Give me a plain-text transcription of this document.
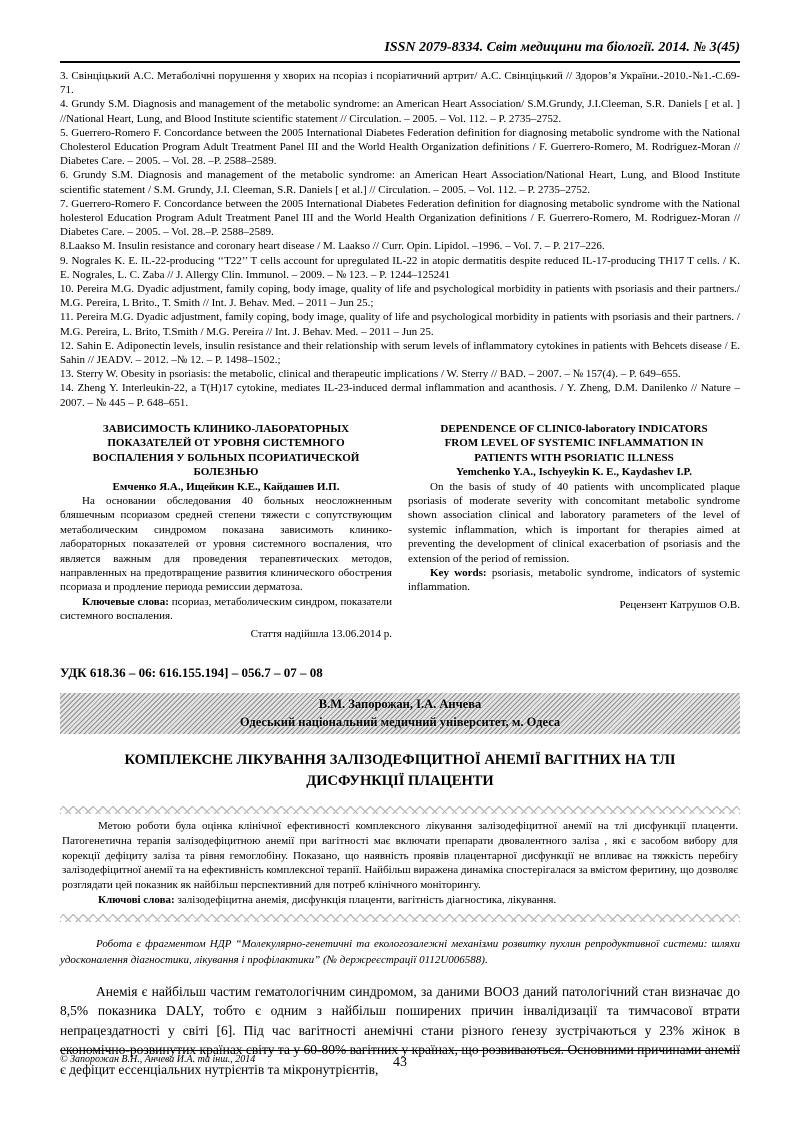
ISSN 2079-8334. Світ медицини та біології. 2014. № 3(45)

3. Свінціцький А.С. Метаболічні порушення у хворих на псоріаз і псоріатичний артрит/ А.С. Свінціцький // Здоров’я України.-2010.-№1.-С.69-71.

4. Grundy S.M. Diagnosis and management of the metabolic syndrome: an American Heart Association/ S.M.Grundy, J.I.Cleeman, S.R. Daniels [ et al. ] //National Heart, Lung, and Blood Institute scientific statement // Circulation. – 2005. – Vol. 112. – P. 2735–2752.

5. Guerrero-Romero F. Concordance between the 2005 International Diabetes Federation definition for diagnosing metabolic syndrome with the National Cholesterol Education Program Adult Treatment Panel III and the World Health Organization definitions / F. Guerrero-Romero, M. Rodriguez-Moran // Diabetes Care. – 2005. – Vol. 28. –P. 2588–2589.

6. Grundy S.M. Diagnosis and management of the metabolic syndrome: an American Heart Association/National Heart, Lung, and Blood Institute scientific statement / S.M. Grundy, J.I. Cleeman, S.R. Daniels [ et al.] // Circulation. – 2005. – Vol. 112. – P. 2735–2752.

7. Guerrero-Romero F. Concordance between the 2005 International Diabetes Federation definition for diagnosing metabolic syndrome with the National holesterol Education Program Adult Treatment Panel III and the World Health Organization definitions / F. Guerrero-Romero, M. Rodriguez-Moran // Diabetes Care. – 2005. – Vol. 28.–P. 2588–2589.

8.Laakso M. Insulin resistance and coronary heart disease / M. Laakso // Curr. Opin. Lipidol. –1996. – Vol. 7. – P. 217–226.

9. Nograles K. E. IL-22-producing ‘‘T22’’ T cells account for upregulated IL-22 in atopic dermatitis despite reduced IL-17-producing TH17 T cells. / K. E. Nograles, L. C. Zaba // J. Allergy Clin. Immunol. – 2009. – № 123. – P. 1244–125241

10. Pereira M.G. Dyadic adjustment, family coping, body image, quality of life and psychological morbidity in patients with psoriasis and their partners./ M.G. Pereira, L Brito., T. Smith // Int. J. Behav. Med. – 2011 – Jun 25.;

11. Pereira M.G. Dyadic adjustment, family coping, body image, quality of life and psychological morbidity in patients with psoriasis and their partners. / M.G. Pereira, L. Brito, T.Smith / M.G. Pereira // Int. J. Behav. Med. – 2011 – Jun 25.

12. Sahin E. Adiponectin levels, insulin resistance and their relationship with serum levels of inflammatory cytokines in patients with Behcets disease / E. Sahin // JEADV. – 2012. –№ 12. – P. 1498–1502.;

13. Sterry W. Obesity in psoriasis: the metabolic, clinical and therapeutic implications / W. Sterry // BAD. – 2007. – № 157(4). – P. 649–655.

14. Zheng Y. Interleukin-22, a T(H)17 cytokine, mediates IL-23-induced dermal inflammation and acanthosis. / Y. Zheng, D.M. Danilenko // Nature – 2007. – № 445 – P. 648–651.

ЗАВИСИМОСТЬ КЛИНИКО-ЛАБОРАТОРНЫХ ПОКАЗАТЕЛЕЙ ОТ УРОВНЯ СИСТЕМНОГО ВОСПАЛЕНИЯ У БОЛЬНЫХ ПСОРИАТИЧЕСКОЙ БОЛЕЗНЬЮ
Емченко Я.А., Ищейкин К.Е., Кайдашев И.П.

На основании обследования 40 больных неосложненным бляшечным псориазом средней степени тяжести с сопутствующим метаболическим синдромом показана зависимоть клинико-лабораторных показателей от уровня системного воспаления, что является важным для проведения терапевтических методов, направленных на предотвращение развития клинического обострения псориаза и продление периода ремиссии дерматоза.

Ключевые слова: псориаз, метаболическим синдром, показатели системного воспаления.

Стаття надійшла 13.06.2014 р.
DEPENDENCE OF CLINIC0-laboratory INDICATORS FROM LEVEL OF SYSTEMIC INFLAMMATION IN PATIENTS WITH PSORIATIC ILLNESS
Yemchenko Y.A., Ischyeykin K. E., Kaydashev I.P.

On the basis of study of 40 patients with uncomplicated plaque psoriasis of moderate severity with concomitant metabolic syndrome shown association clinical and laboratory parameters of the level of systemic inflammation, which is important for therapies aimed at preventing the development of clinical exacerbation of psoriasis and the extension of the period of remission.

Key words: psoriasis, metabolic syndrome, indicators of systemic inflammation.

Рецензент Катрушов О.В.
УДК 618.36 – 06: 616.155.194] – 056.7 – 07 – 08
В.М. Запорожан, І.А. Анчева
Одеський національний медичний університет, м. Одеса
КОМПЛЕКСНЕ ЛІКУВАННЯ ЗАЛІЗОДЕФІЦИТНОЇ АНЕМІЇ ВАГІТНИХ НА ТЛІ ДИСФУНКЦІЇ ПЛАЦЕНТИ

Метою роботи була оцінка клінічної ефективності комплексного лікування залізодефіцитної анемії на тлі дисфункції плаценти. Патогенетична терапія залізодефіцитною анемії при вагітності має включати препарати двовалентного заліза , які є засобом вибору для корекції дефіциту заліза та рівня гемоглобіну. Показано, що наявність проявів плацентарної дисфункції не впливає на тяжкість перебігу залізодефіцитної анемії та на ефективність комплексної терапії. Найбільш виражена динаміка спостерігалася за вмістом феритину, що дозволяє розглядати цей показник як найбільш перспективний для потреб клінічного моніторингу.

Ключові слова: залізодефіцитна анемія, дисфункція плаценти, вагітність діагностика, лікування.

Робота є фрагментом НДР “Молекулярно-генетичні та екологозалежні механізми розвитку пухлин репродуктивної системи: шляхи удосконалення діагностики, лікування і профілактики” (№ держреєстрації 0112U006588).

Анемія є найбільш частим гематологічним синдромом, за даними ВООЗ даний патологічний стан визначає до 8,5% показника DALY, тобто є одним з найбільш поширених причин інвалідизації та тимчасової втрати непрацездатності у світі [6]. Під час вагітності анемічні стани різного ґенезу зустрічаються у 23% жінок в економічно-розвинутих країнах світу та у 60-80% вагітних у країнах, що розвиваються. Основними причинами анемії є дефіцит ессенціальних нутрієнтів та мікронутрієнтів,

© Запорожан В.Н., Анчева И.А. та інш., 2014	43
